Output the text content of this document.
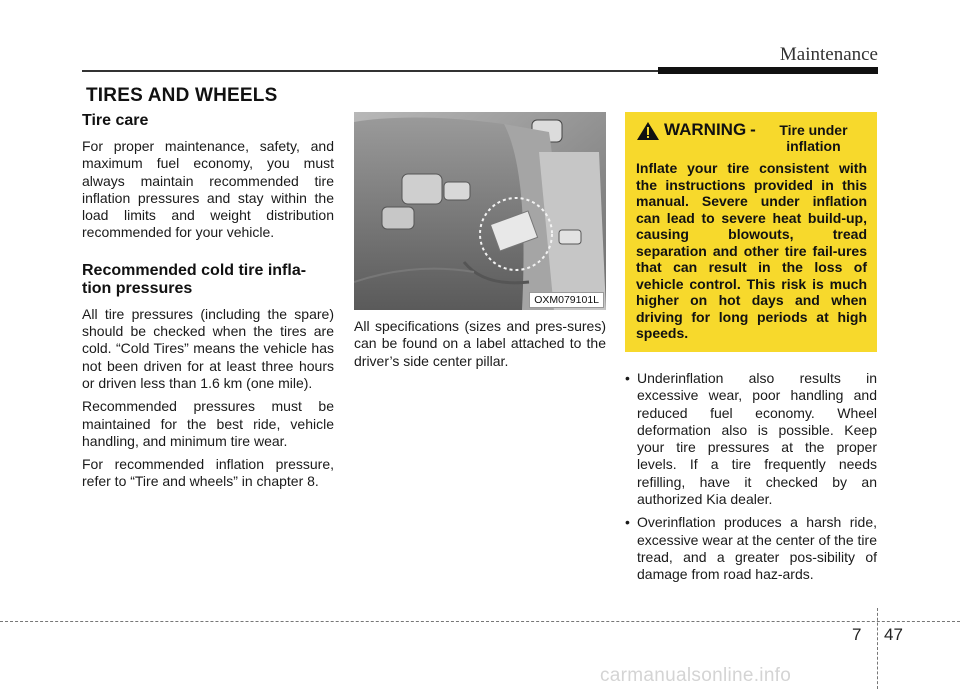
Maintenance
TIRES AND WHEELS
Tire care

For proper maintenance, safety, and maximum fuel economy, you must always maintain recommended tire inflation pressures and stay within the load limits and weight distribution recommended for your vehicle.

Recommended cold tire infla-tion pressures

All tire pressures (including the spare) should be checked when the tires are cold. “Cold Tires” means the vehicle has not been driven for at least three hours or driven less than 1.6 km (one mile).

Recommended pressures must be maintained for the best ride, vehicle handling, and minimum tire wear.

For recommended inflation pressure, refer to “Tire and wheels” in chapter 8.

OXM079101L

All specifications (sizes and pres-sures) can be found on a label attached to the driver’s side center pillar.

WARNING -	Tire under inflation
Inflate your tire consistent with the instructions provided in this manual. Severe under inflation can lead to severe heat build-up, causing blowouts, tread separation and other tire fail-ures that can result in the loss of vehicle control. This risk is much higher on hot days and when driving for long periods at high speeds.

• Underinflation also results in excessive wear, poor handling and reduced fuel economy. Wheel deformation also is possible. Keep your tire pressures at the proper levels. If a tire frequently needs refilling, have it checked by an authorized Kia dealer.

• Overinflation produces a harsh ride, excessive wear at the center of the tire tread, and a greater pos-sibility of damage from road haz-ards.

7 47
carmanualsonline.info
